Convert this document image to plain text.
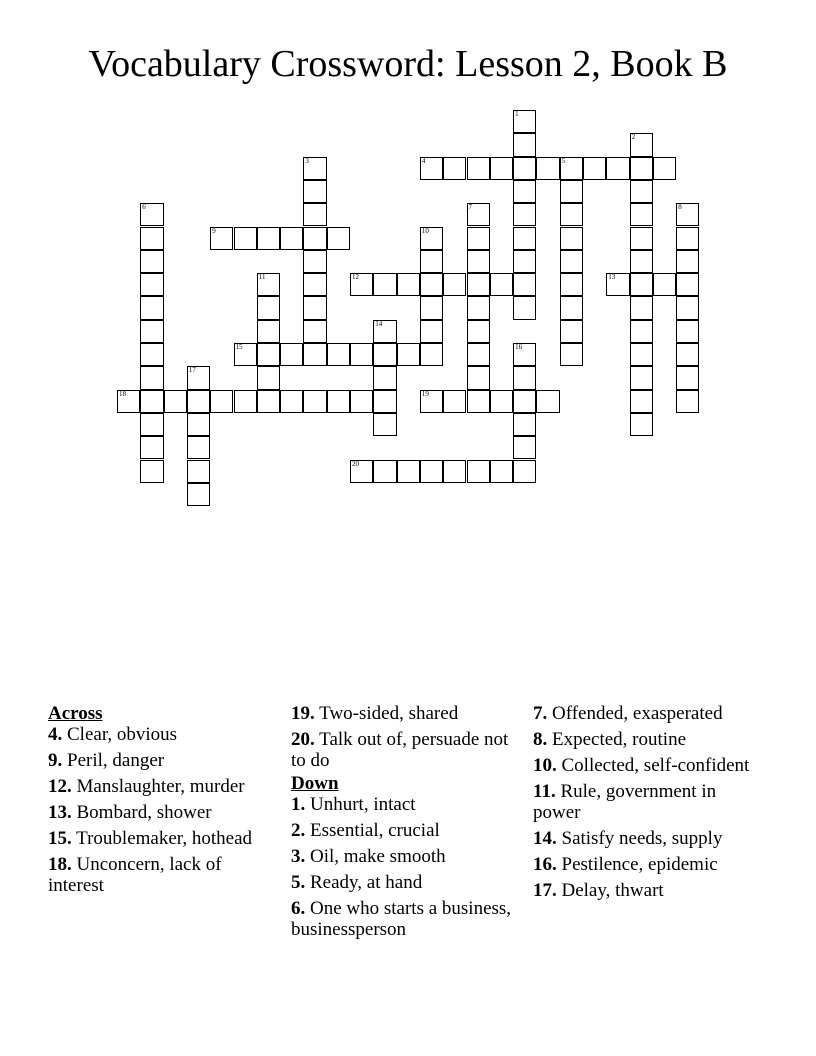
Vocabulary Crossword: Lesson 2, Book B
1
2
3	4	5
6	7	8
9	10
11	12	13
14
15	16
17
18	19
20
Across
4. Clear, obvious
9. Peril, danger
12. Manslaughter, murder
13. Bombard, shower
15. Troublemaker, hothead
18. Unconcern, lack of interest
19. Two-sided, shared
20. Talk out of, persuade not to do
Down
1. Unhurt, intact
2. Essential, crucial
3. Oil, make smooth
5. Ready, at hand
6. One who starts a business, businessperson
7. Offended, exasperated
8. Expected, routine
10. Collected, self-confident
11. Rule, government in power
14. Satisfy needs, supply
16. Pestilence, epidemic
17. Delay, thwart
